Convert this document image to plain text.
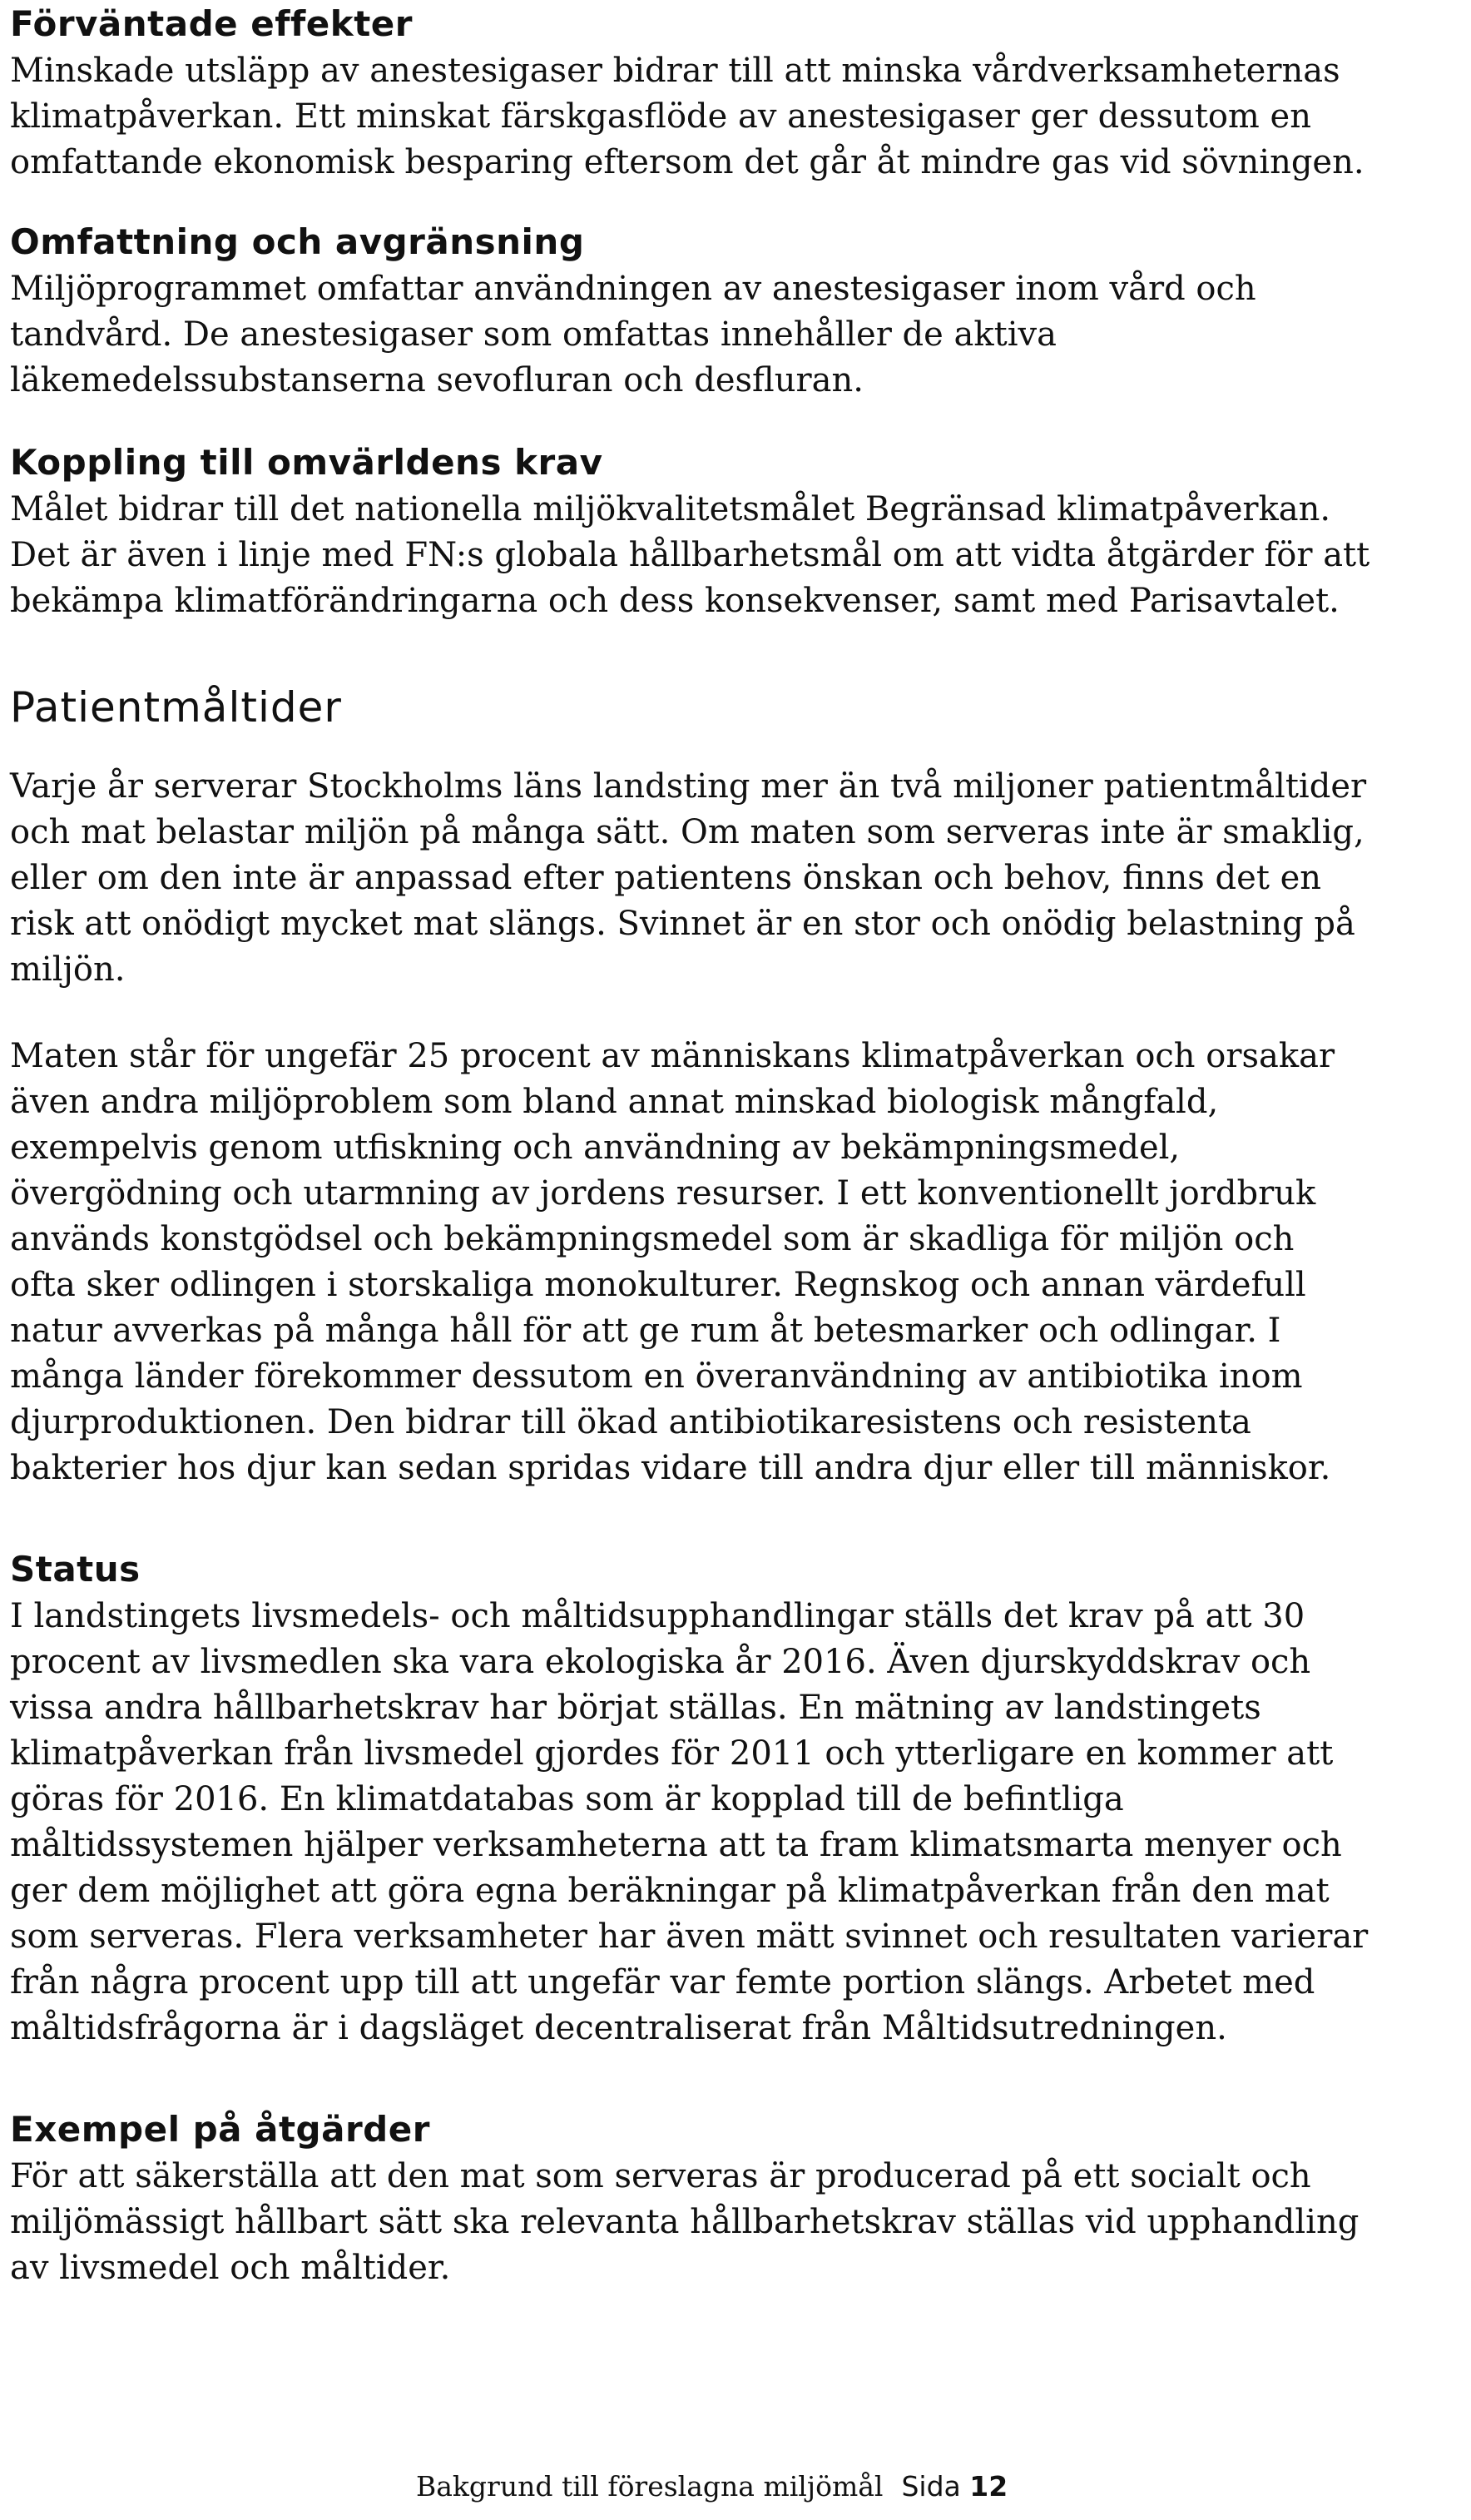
Förväntade effekter

Minskade utsläpp av anestesigaser bidrar till att minska vårdverksamheternas
klimatpåverkan. Ett minskat färskgasflöde av anestesigaser ger dessutom en
omfattande ekonomisk besparing eftersom det går åt mindre gas vid sövningen.

Omfattning och avgränsning

Miljöprogrammet omfattar användningen av anestesigaser inom vård och
tandvård. De anestesigaser som omfattas innehåller de aktiva
läkemedelssubstanserna sevofluran och desfluran.

Koppling till omvärldens krav

Målet bidrar till det nationella miljökvalitetsmålet Begränsad klimatpåverkan.
Det är även i linje med FN:s globala hållbarhetsmål om att vidta åtgärder för att
bekämpa klimatförändringarna och dess konsekvenser, samt med Parisavtalet.

Patientmåltider

Varje år serverar Stockholms läns landsting mer än två miljoner patientmåltider
och mat belastar miljön på många sätt. Om maten som serveras inte är smaklig,
eller om den inte är anpassad efter patientens önskan och behov, finns det en
risk att onödigt mycket mat slängs. Svinnet är en stor och onödig belastning på
miljön.

Maten står för ungefär 25 procent av människans klimatpåverkan och orsakar
även andra miljöproblem som bland annat minskad biologisk mångfald,
exempelvis genom utfiskning och användning av bekämpningsmedel,
övergödning och utarmning av jordens resurser. I ett konventionellt jordbruk
används konstgödsel och bekämpningsmedel som är skadliga för miljön och
ofta sker odlingen i storskaliga monokulturer. Regnskog och annan värdefull
natur avverkas på många håll för att ge rum åt betesmarker och odlingar. I
många länder förekommer dessutom en överanvändning av antibiotika inom
djurproduktionen. Den bidrar till ökad antibiotikaresistens och resistenta
bakterier hos djur kan sedan spridas vidare till andra djur eller till människor.

Status

I landstingets livsmedels- och måltidsupphandlingar ställs det krav på att 30
procent av livsmedlen ska vara ekologiska år 2016. Även djurskyddskrav och
vissa andra hållbarhetskrav har börjat ställas. En mätning av landstingets
klimatpåverkan från livsmedel gjordes för 2011 och ytterligare en kommer att
göras för 2016. En klimatdatabas som är kopplad till de befintliga
måltidssystemen hjälper verksamheterna att ta fram klimatsmarta menyer och
ger dem möjlighet att göra egna beräkningar på klimatpåverkan från den mat
som serveras. Flera verksamheter har även mätt svinnet och resultaten varierar
från några procent upp till att ungefär var femte portion slängs. Arbetet med
måltidsfrågorna är i dagsläget decentraliserat från Måltidsutredningen.

Exempel på åtgärder

För att säkerställa att den mat som serveras är producerad på ett socialt och
miljömässigt hållbart sätt ska relevanta hållbarhetskrav ställas vid upphandling
av livsmedel och måltider.

Bakgrund till föreslagna miljömål Sida 12
